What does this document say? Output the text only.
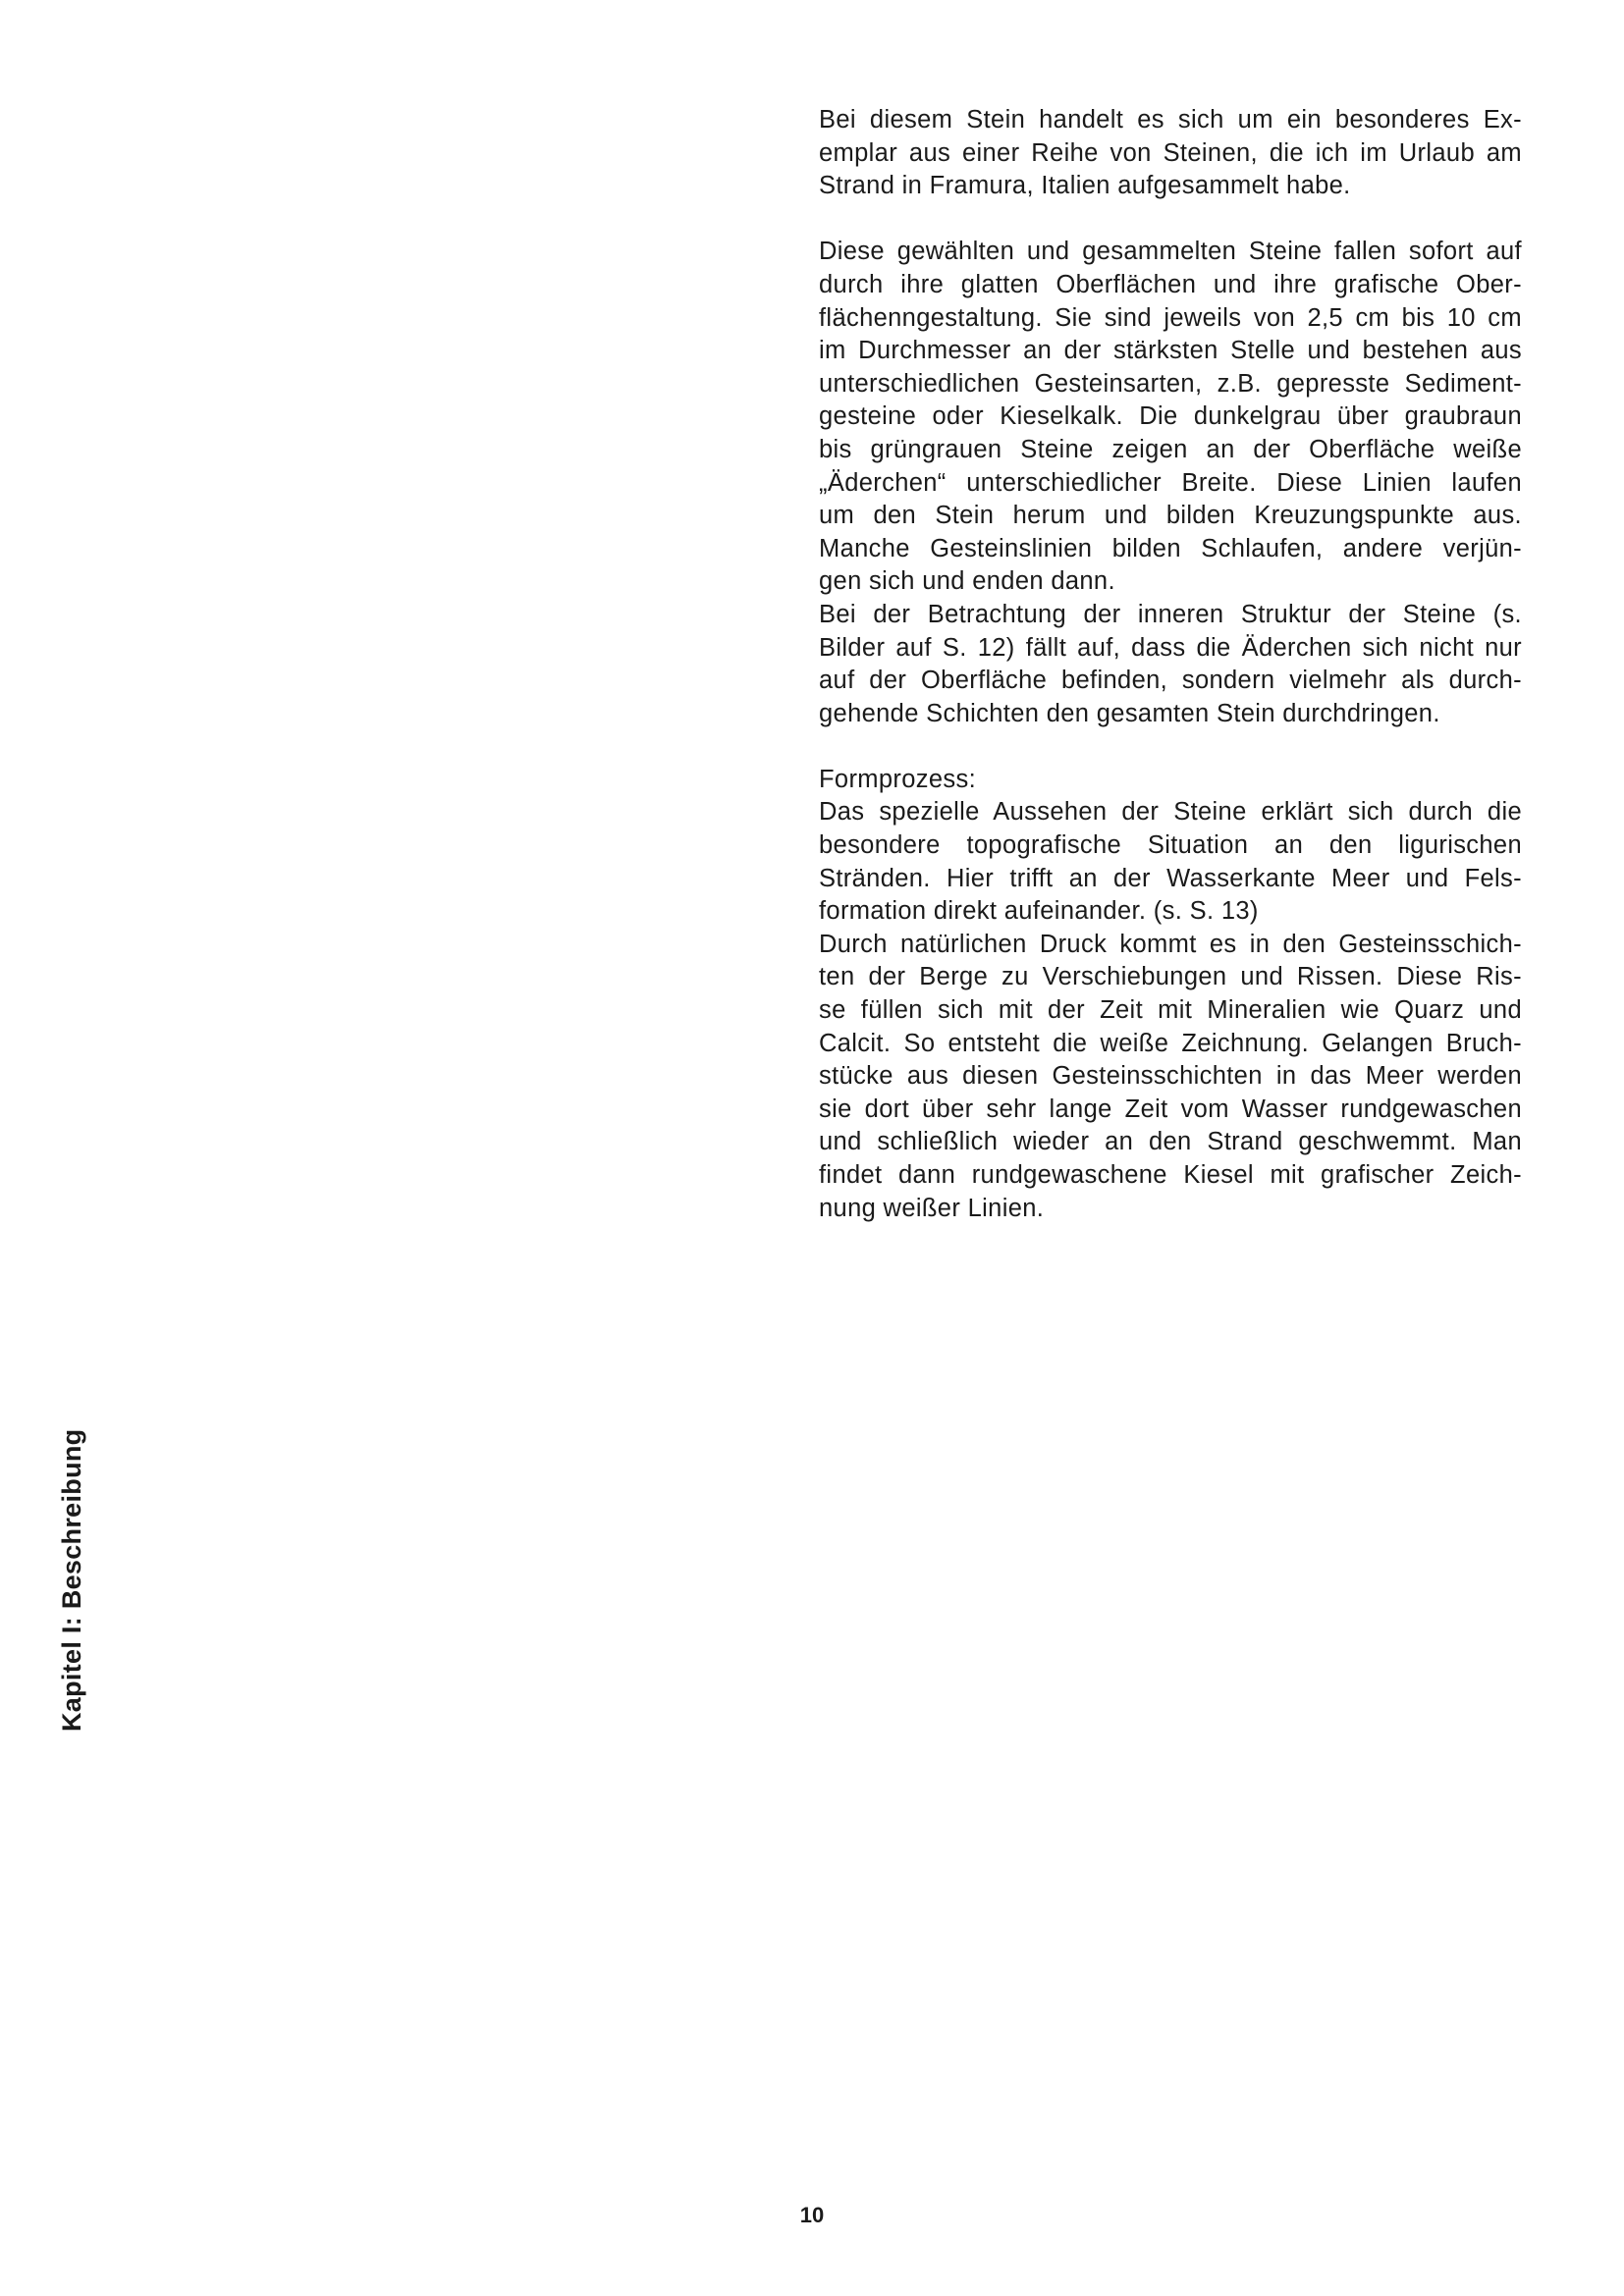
Bei diesem Stein handelt es sich um ein besonderes Ex-
emplar aus einer Reihe von Steinen, die ich im Urlaub am
Strand in Framura, Italien aufgesammelt habe.
Diese gewählten und gesammelten Steine fallen sofort auf
durch ihre glatten Oberflächen und ihre grafische Ober-
flächenngestaltung. Sie sind jeweils von 2,5 cm bis 10 cm
im Durchmesser an der stärksten Stelle und bestehen aus
unterschiedlichen Gesteinsarten, z.B. gepresste Sediment-
gesteine oder Kieselkalk. Die dunkelgrau über graubraun
bis grüngrauen Steine zeigen an der Oberfläche weiße
„Äderchen“ unterschiedlicher Breite. Diese Linien laufen
um den Stein herum und bilden Kreuzungspunkte aus.
Manche Gesteinslinien bilden Schlaufen, andere verjün-
gen sich und enden dann.
Bei der Betrachtung der inneren Struktur der Steine (s.
Bilder auf S. 12) fällt auf, dass die Äderchen sich nicht nur
auf der Oberfläche befinden, sondern vielmehr als durch-
gehende Schichten den gesamten Stein durchdringen.
Formprozess:
Das spezielle Aussehen der Steine erklärt sich durch die
besondere topografische Situation an den ligurischen
Stränden. Hier trifft an der Wasserkante Meer und Fels-
formation direkt aufeinander. (s. S. 13)
Durch natürlichen Druck kommt es in den Gesteinsschich-
ten der Berge zu Verschiebungen und Rissen. Diese Ris-
se füllen sich mit der Zeit mit Mineralien wie Quarz und
Calcit. So entsteht die weiße Zeichnung. Gelangen Bruch-
stücke aus diesen Gesteinsschichten in das Meer werden
sie dort über sehr lange Zeit vom Wasser rundgewaschen
und schließlich wieder an den Strand geschwemmt. Man
findet dann rundgewaschene Kiesel mit grafischer Zeich-
nung weißer Linien.
Kapitel I: Beschreibung
10
